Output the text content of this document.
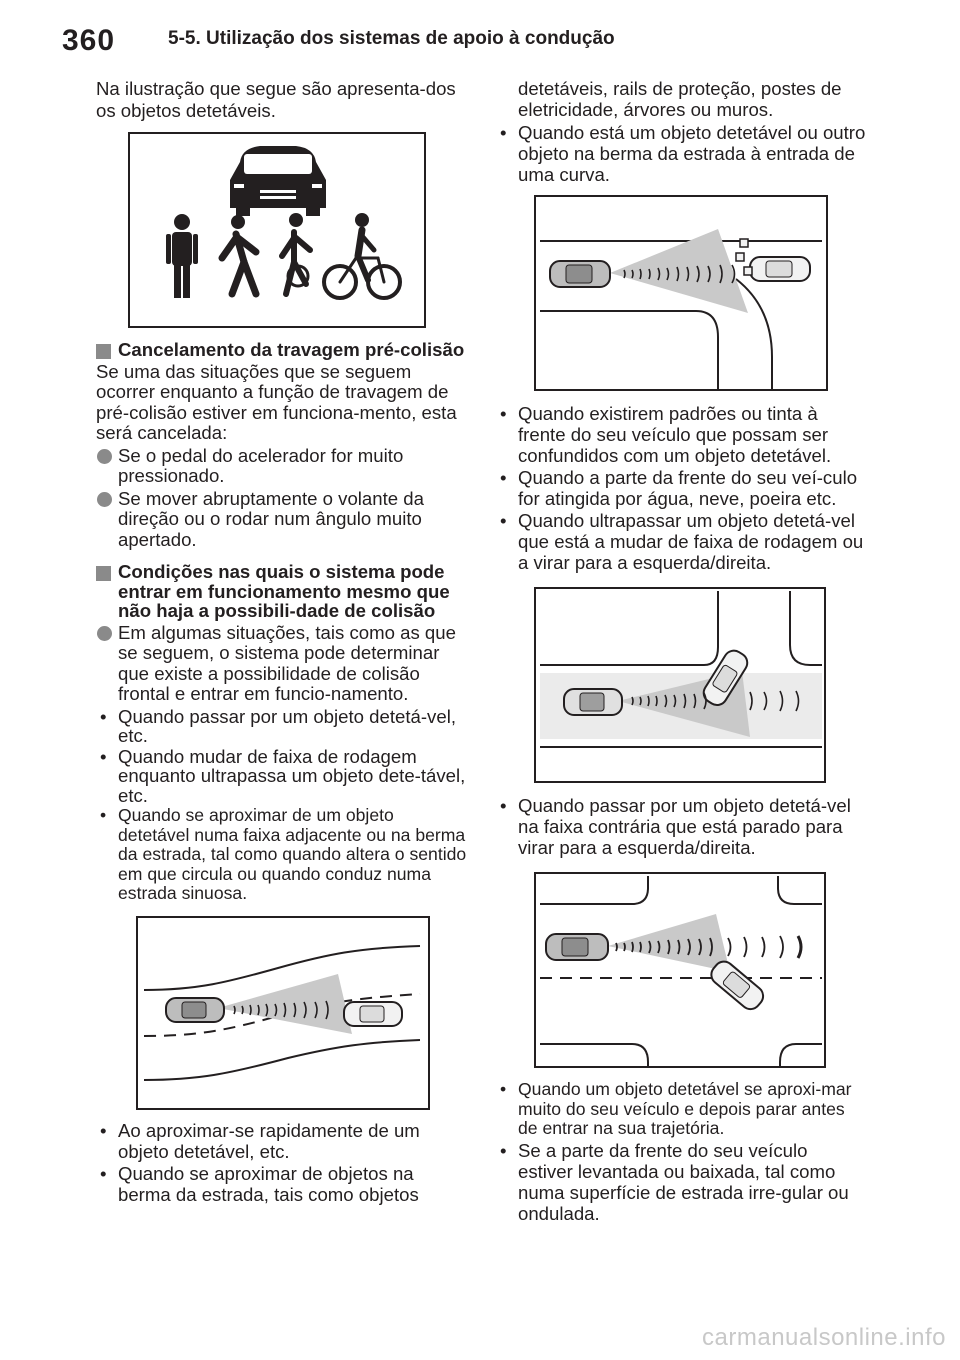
360	5-5. Utilização dos sistemas de apoio à condução

Na ilustração que segue são apresenta-dos os objetos detetáveis.

Cancelamento da travagem pré-colisão

Se uma das situações que se seguem ocorrer enquanto a função de travagem de pré-colisão estiver em funciona-mento, esta será cancelada:

Se o pedal do acelerador for muito pressionado.
Se mover abruptamente o volante da direção ou o rodar num ângulo muito apertado.
Condições nas quais o sistema pode entrar em funcionamento mesmo que não haja a possibili-dade de colisão
Em algumas situações, tais como as que se seguem, o sistema pode determinar que existe a possibilidade de colisão frontal e entrar em funcio-namento.
• Quando passar por um objeto detetá-vel, etc.
• Quando mudar de faixa de rodagem enquanto ultrapassa um objeto dete-tável, etc.
• Quando se aproximar de um objeto detetável numa faixa adjacente ou na berma da estrada, tal como quando altera o sentido em que circula ou quando conduz numa estrada sinuosa.
• Ao aproximar-se rapidamente de um objeto detetável, etc.
• Quando se aproximar de objetos na berma da estrada, tais como objetos

detetáveis, rails de proteção, postes de eletricidade, árvores ou muros.

• Quando está um objeto detetável ou outro objeto na berma da estrada à entrada de uma curva.
• Quando existirem padrões ou tinta à frente do seu veículo que possam ser confundidos com um objeto detetável.
• Quando a parte da frente do seu veí-culo for atingida por água, neve, poeira etc.
• Quando ultrapassar um objeto detetá-vel que está a mudar de faixa de rodagem ou a virar para a esquerda/direita.
• Quando passar por um objeto detetá-vel na faixa contrária que está parado para virar para a esquerda/direita.
• Quando um objeto detetável se aproxi-mar muito do seu veículo e depois parar antes de entrar na sua trajetória.
• Se a parte da frente do seu veículo estiver levantada ou baixada, tal como numa superfície de estrada irre-gular ou ondulada.
carmanualsonline.info
